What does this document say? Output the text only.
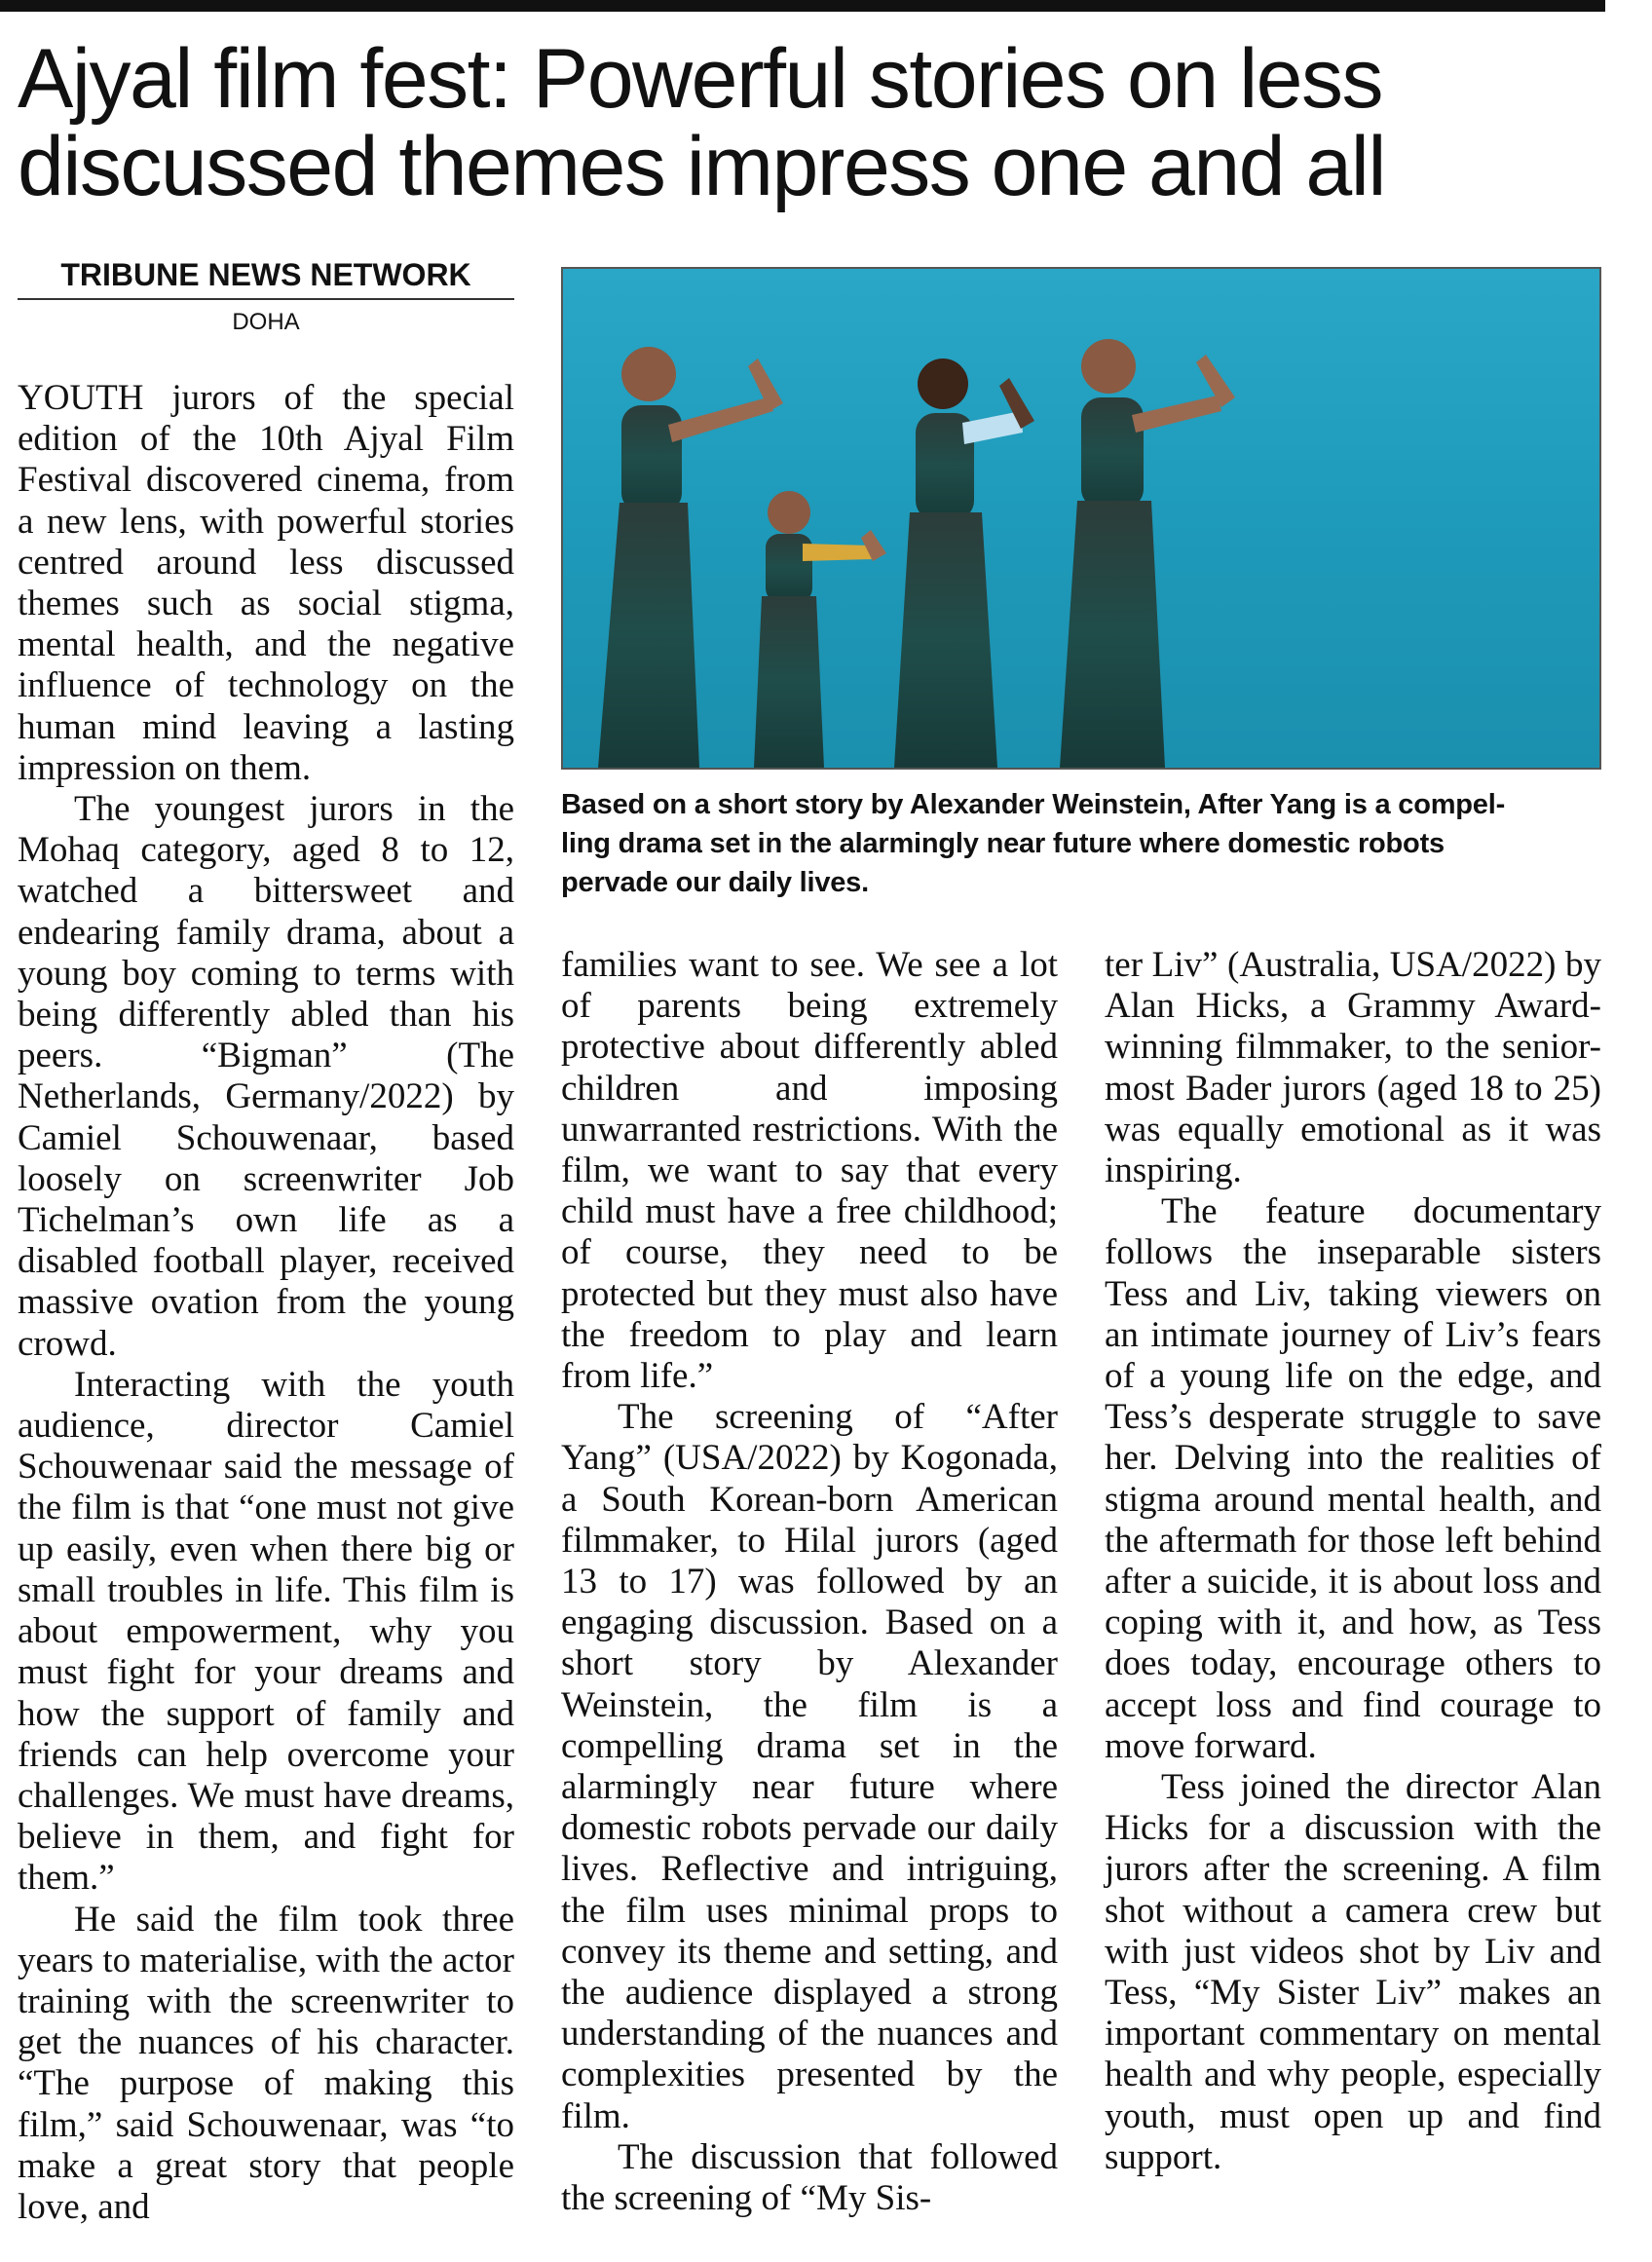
Ajyal film fest: Powerful stories on less
discussed themes impress one and all
TRIBUNE NEWS NETWORK
DOHA
Based on a short story by Alexander Weinstein, After Yang is a compel-
ling drama set in the alarmingly near future where domestic robots
pervade our daily lives.

YOUTH jurors of the special edition of the 10th Ajyal Film Festival discovered cinema, from a new lens, with powerful stories centred around less discussed themes such as social stigma, mental health, and the negative influence of technology on the human mind leaving a lasting impression on them.

The youngest jurors in the Mohaq category, aged 8 to 12, watched a bittersweet and endearing family drama, about a young boy coming to terms with being differently abled than his peers. “Bigman” (The Netherlands, Germany/2022) by Camiel Schouwenaar, based loosely on screenwriter Job Tichelman’s own life as a disabled football player, received massive ovation from the young crowd.

Interacting with the youth audience, director Camiel Schouwenaar said the message of the film is that “one must not give up easily, even when there big or small troubles in life. This film is about empowerment, why you must fight for your dreams and how the support of family and friends can help overcome your challenges. We must have dreams, believe in them, and fight for them.”

He said the film took three years to materialise, with the actor training with the screenwriter to get the nuances of his character. “The purpose of making this film,” said Schouwenaar, was “to make a great story that people love, and

families want to see. We see a lot of parents being extremely protective about differently abled children and imposing unwarranted restrictions. With the film, we want to say that every child must have a free childhood; of course, they need to be protected but they must also have the freedom to play and learn from life.”

The screening of “After Yang” (USA/2022) by Kogonada, a South Korean-born American filmmaker, to Hilal jurors (aged 13 to 17) was followed by an engaging discussion. Based on a short story by Alexander Weinstein, the film is a compelling drama set in the alarmingly near future where domestic robots pervade our daily lives. Reflective and intriguing, the film uses minimal props to convey its theme and setting, and the audience displayed a strong understanding of the nuances and complexities presented by the film.

The discussion that followed the screening of “My Sis-

ter Liv” (Australia, USA/2022) by Alan Hicks, a Grammy Award-winning filmmaker, to the senior-most Bader jurors (aged 18 to 25) was equally emotional as it was inspiring.

The feature documentary follows the inseparable sisters Tess and Liv, taking viewers on an intimate journey of Liv’s fears of a young life on the edge, and Tess’s desperate struggle to save her. Delving into the realities of stigma around mental health, and the aftermath for those left behind after a suicide, it is about loss and coping with it, and how, as Tess does today, encourage others to accept loss and find courage to move forward.

Tess joined the director Alan Hicks for a discussion with the jurors after the screening. A film shot without a camera crew but with just videos shot by Liv and Tess, “My Sister Liv” makes an important commentary on mental health and why people, especially youth, must open up and find support.
